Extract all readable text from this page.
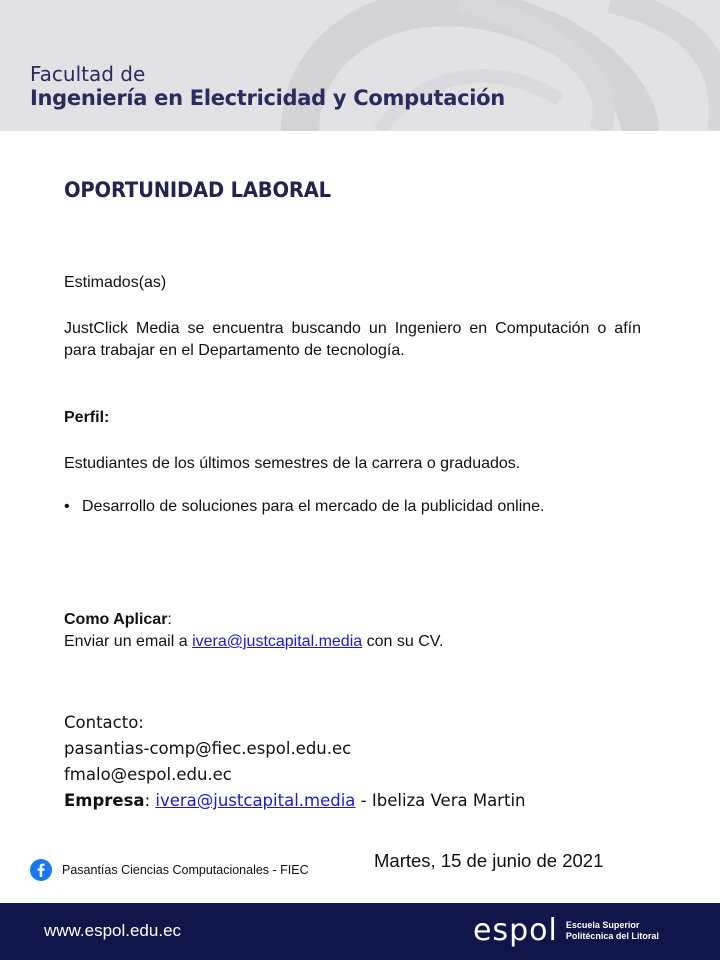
Facultad de
Ingeniería en Electricidad y Computación
OPORTUNIDAD LABORAL
Estimados(as)
JustClick Media se encuentra buscando un Ingeniero en Computación o afín para trabajar en el Departamento de tecnología.
Perfil:
Estudiantes de los últimos semestres de la carrera o graduados.
• Desarrollo de soluciones para el mercado de la publicidad online.
Como Aplicar:
Enviar un email a ivera@justcapital.media con su CV.
Contacto:
pasantias-comp@fiec.espol.edu.ec
fmalo@espol.edu.ec
Empresa: ivera@justcapital.media - Ibeliza Vera Martin
Pasantías Ciencias Computacionales - FIEC	Martes, 15 de junio de 2021
www.espol.edu.ec	espol Escuela Superior
Politécnica del Litoral
